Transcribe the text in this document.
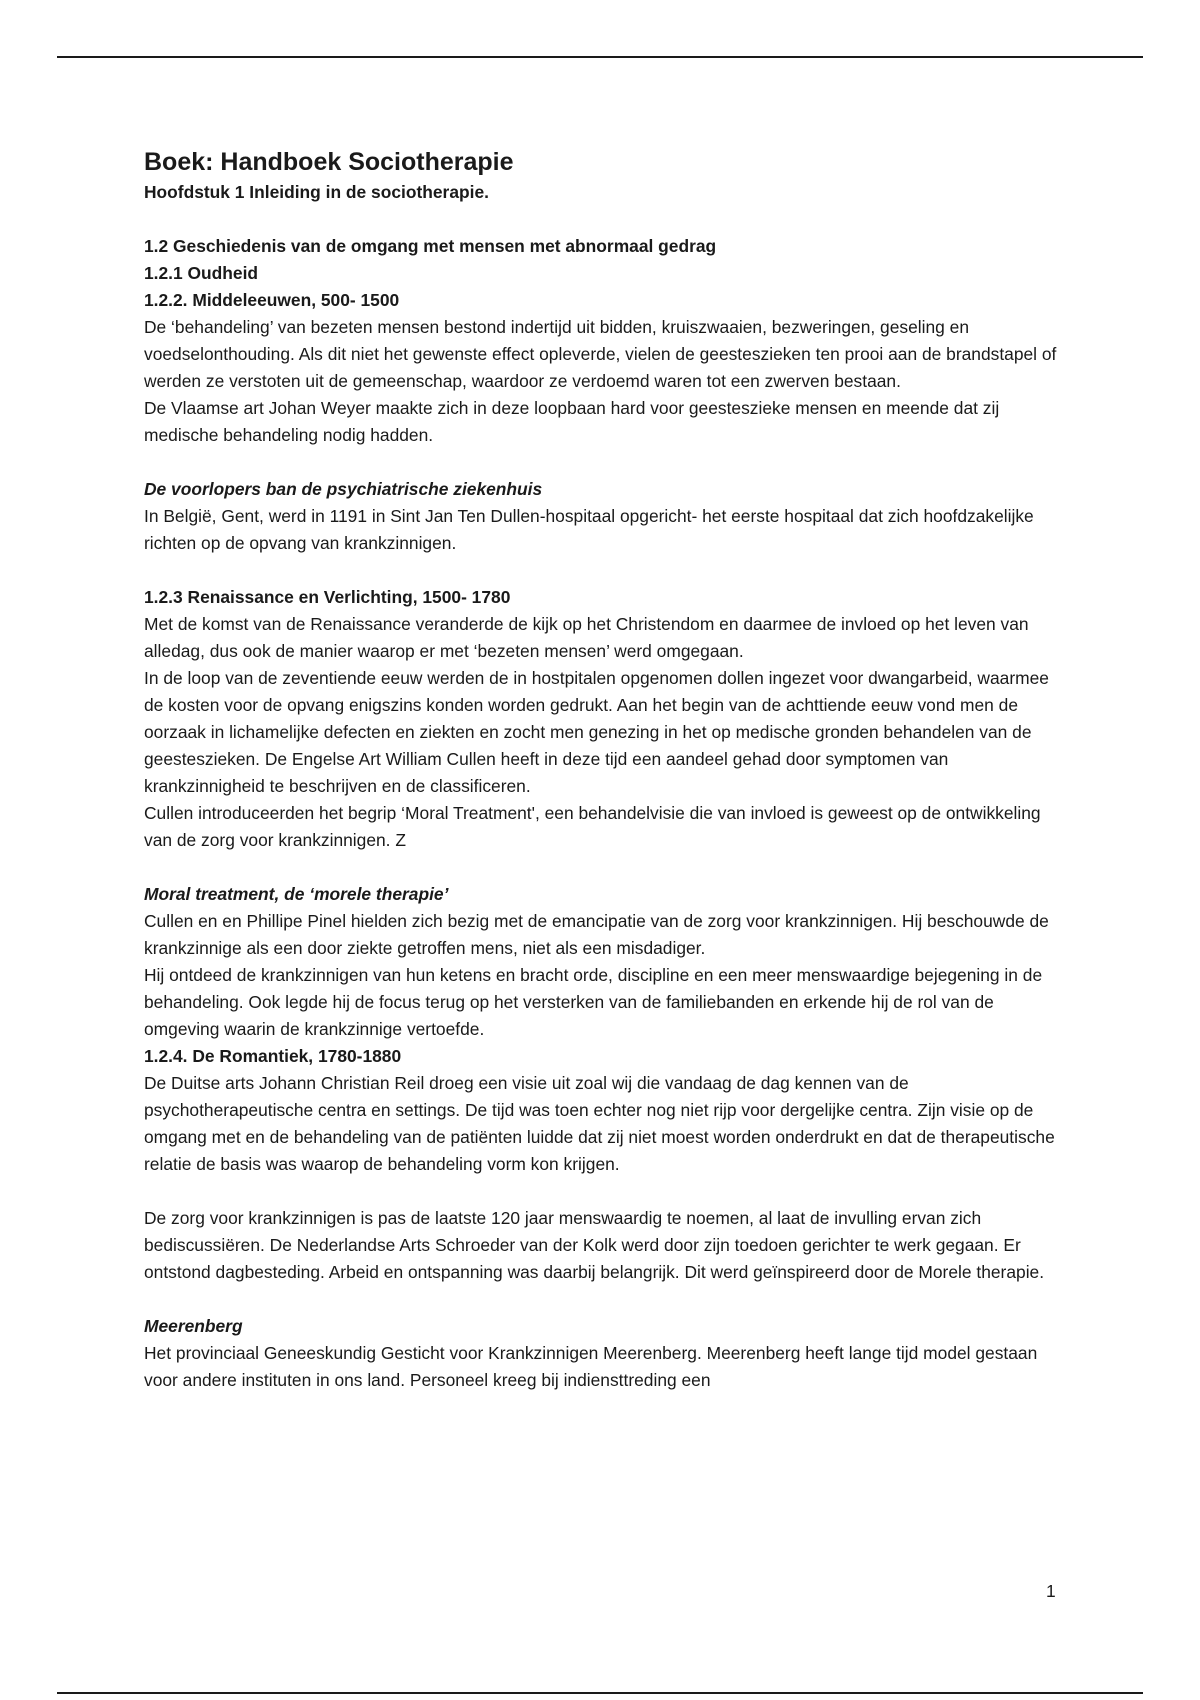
Boek: Handboek Sociotherapie

Hoofdstuk 1 Inleiding in de sociotherapie.

1.2 Geschiedenis van de omgang met mensen met abnormaal gedrag

1.2.1 Oudheid

1.2.2. Middeleeuwen, 500- 1500

De ‘behandeling’ van bezeten mensen bestond indertijd uit bidden, kruiszwaaien, bezweringen, geseling en voedselonthouding. Als dit niet het gewenste effect opleverde, vielen de geesteszieken ten prooi aan de brandstapel of werden ze verstoten uit de gemeenschap, waardoor ze verdoemd waren tot een zwerven bestaan.

De Vlaamse art Johan Weyer maakte zich in deze loopbaan hard voor geesteszieke mensen en meende dat zij medische behandeling nodig hadden.

De voorlopers ban de psychiatrische ziekenhuis

In België, Gent, werd in 1191 in Sint Jan Ten Dullen-hospitaal opgericht- het eerste hospitaal dat zich hoofdzakelijke richten op de opvang van krankzinnigen.

1.2.3 Renaissance en Verlichting, 1500- 1780

Met de komst van de Renaissance veranderde de kijk op het Christendom en daarmee de invloed op het leven van alledag, dus ook de manier waarop er met ‘bezeten mensen’ werd omgegaan.

In de loop van de zeventiende eeuw werden de in hostpitalen opgenomen dollen ingezet voor dwangarbeid, waarmee de kosten voor de opvang enigszins konden worden gedrukt. Aan het begin van de achttiende eeuw vond men de oorzaak in lichamelijke defecten en ziekten en zocht men genezing in het op medische gronden behandelen van de geesteszieken. De Engelse Art William Cullen heeft in deze tijd een aandeel gehad door symptomen van krankzinnigheid te beschrijven en de classificeren.

Cullen introduceerden het begrip ‘Moral Treatment', een behandelvisie die van invloed is geweest op de ontwikkeling van de zorg voor krankzinnigen. Z

Moral treatment, de ‘morele therapie’

Cullen en en Phillipe Pinel hielden zich bezig met de emancipatie van de zorg voor krankzinnigen. Hij beschouwde de krankzinnige als een door ziekte getroffen mens, niet als een misdadiger.

Hij ontdeed de krankzinnigen van hun ketens en bracht orde, discipline en een meer menswaardige bejegening in de behandeling. Ook legde hij de focus terug op het versterken van de familiebanden en erkende hij de rol van de omgeving waarin de krankzinnige vertoefde.

1.2.4. De Romantiek, 1780-1880

De Duitse arts Johann Christian Reil droeg een visie uit zoal wij die vandaag de dag kennen van de psychotherapeutische centra en settings. De tijd was toen echter nog niet rijp voor dergelijke centra. Zijn visie op de omgang met en de behandeling van de patiënten luidde dat zij niet moest worden onderdrukt en dat de therapeutische relatie de basis was waarop de behandeling vorm kon krijgen.

De zorg voor krankzinnigen is pas de laatste 120 jaar menswaardig te noemen, al laat de invulling ervan zich bediscussiëren. De Nederlandse Arts Schroeder van der Kolk werd door zijn toedoen gerichter te werk gegaan. Er ontstond dagbesteding. Arbeid en ontspanning was daarbij belangrijk. Dit werd geïnspireerd door de Morele therapie.

Meerenberg

Het provinciaal Geneeskundig Gesticht voor Krankzinnigen Meerenberg. Meerenberg heeft lange tijd model gestaan voor andere instituten in ons land. Personeel kreeg bij indiensttreding een

1
